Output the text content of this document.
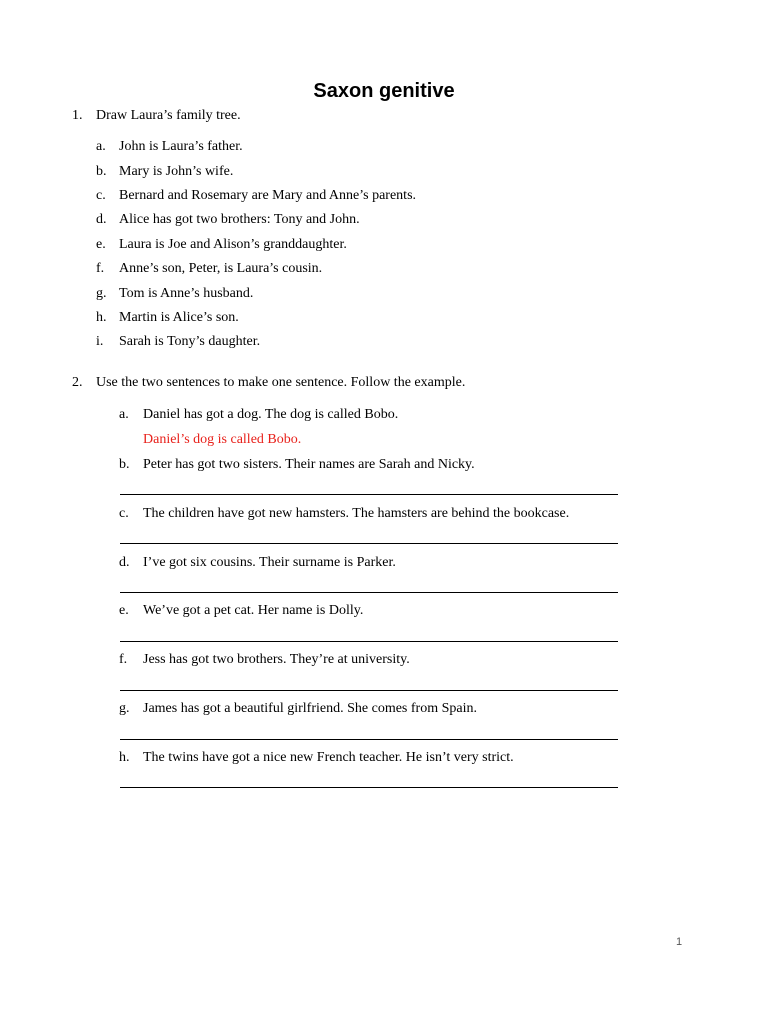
Saxon genitive
1. Draw Laura’s family tree.
a. John is Laura’s father.
b. Mary is John’s wife.
c. Bernard and Rosemary are Mary and Anne’s parents.
d. Alice has got two brothers: Tony and John.
e. Laura is Joe and Alison’s granddaughter.
f. Anne’s son, Peter, is Laura’s cousin.
g. Tom is Anne’s husband.
h. Martin is Alice’s son.
i. Sarah is Tony’s daughter.
2. Use the two sentences to make one sentence. Follow the example.
a. Daniel has got a dog. The dog is called Bobo.
Daniel’s dog is called Bobo.
b. Peter has got two sisters. Their names are Sarah and Nicky.
c. The children have got new hamsters. The hamsters are behind the bookcase.
d. I’ve got six cousins. Their surname is Parker.
e. We’ve got a pet cat. Her name is Dolly.
f. Jess has got two brothers. They’re at university.
g. James has got a beautiful girlfriend. She comes from Spain.
h. The twins have got a nice new French teacher. He isn’t very strict.
1
